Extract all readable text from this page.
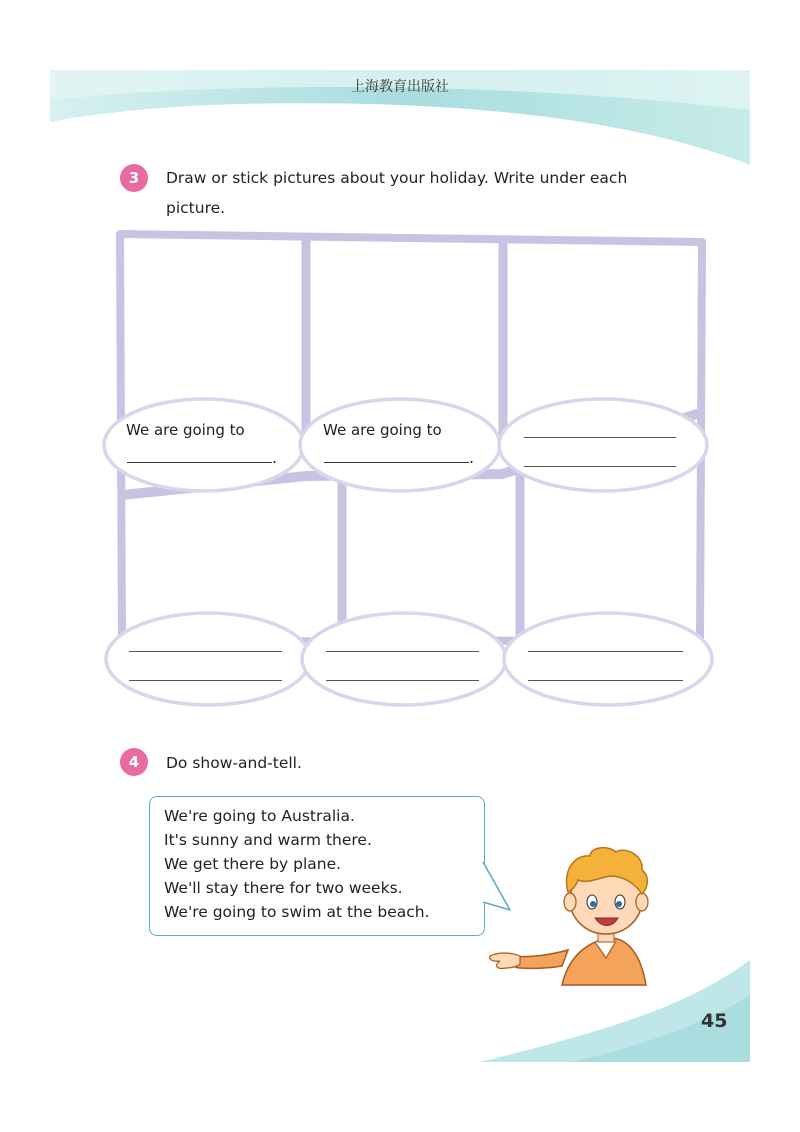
上海教育出版社
3	Draw or stick pictures about your holiday. Write under each
picture.
We are going to
.
We are going to
.
4	Do show-and-tell.
We're going to Australia.
It's sunny and warm there.
We get there by plane.
We'll stay there for two weeks.
We're going to swim at the beach.
45
